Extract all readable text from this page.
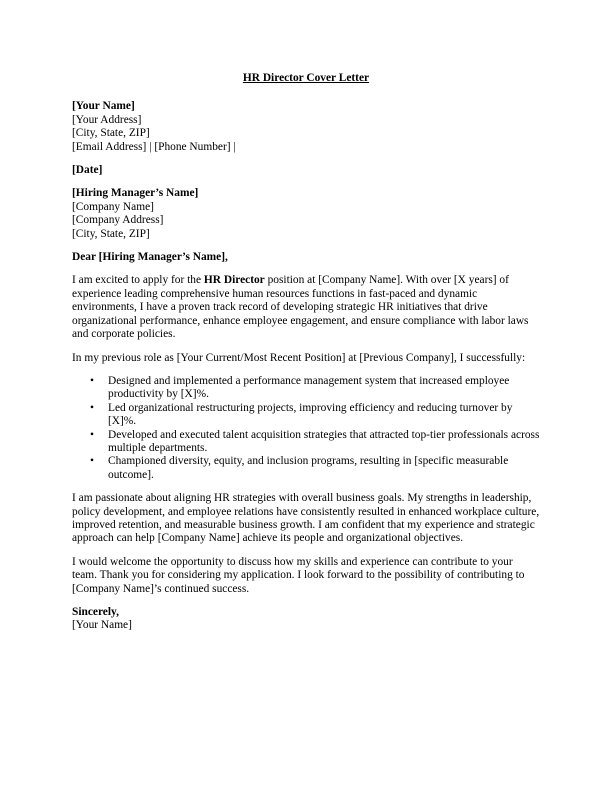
HR Director Cover Letter
[Your Name]
[Your Address]
[City, State, ZIP]
[Email Address] | [Phone Number] |
[Date]
[Hiring Manager’s Name]
[Company Name]
[Company Address]
[City, State, ZIP]

Dear [Hiring Manager’s Name],

I am excited to apply for the HR Director position at [Company Name]. With over [X years] of experience leading comprehensive human resources functions in fast-paced and dynamic environments, I have a proven track record of developing strategic HR initiatives that drive organizational performance, enhance employee engagement, and ensure compliance with labor laws and corporate policies.

In my previous role as [Your Current/Most Recent Position] at [Previous Company], I successfully:

• Designed and implemented a performance management system that increased employee productivity by [X]%.
• Led organizational restructuring projects, improving efficiency and reducing turnover by [X]%.
• Developed and executed talent acquisition strategies that attracted top-tier professionals across multiple departments.
• Championed diversity, equity, and inclusion programs, resulting in [specific measurable outcome].

I am passionate about aligning HR strategies with overall business goals. My strengths in leadership, policy development, and employee relations have consistently resulted in enhanced workplace culture, improved retention, and measurable business growth. I am confident that my experience and strategic approach can help [Company Name] achieve its people and organizational objectives.

I would welcome the opportunity to discuss how my skills and experience can contribute to your team. Thank you for considering my application. I look forward to the possibility of contributing to [Company Name]’s continued success.

Sincerely,
[Your Name]
